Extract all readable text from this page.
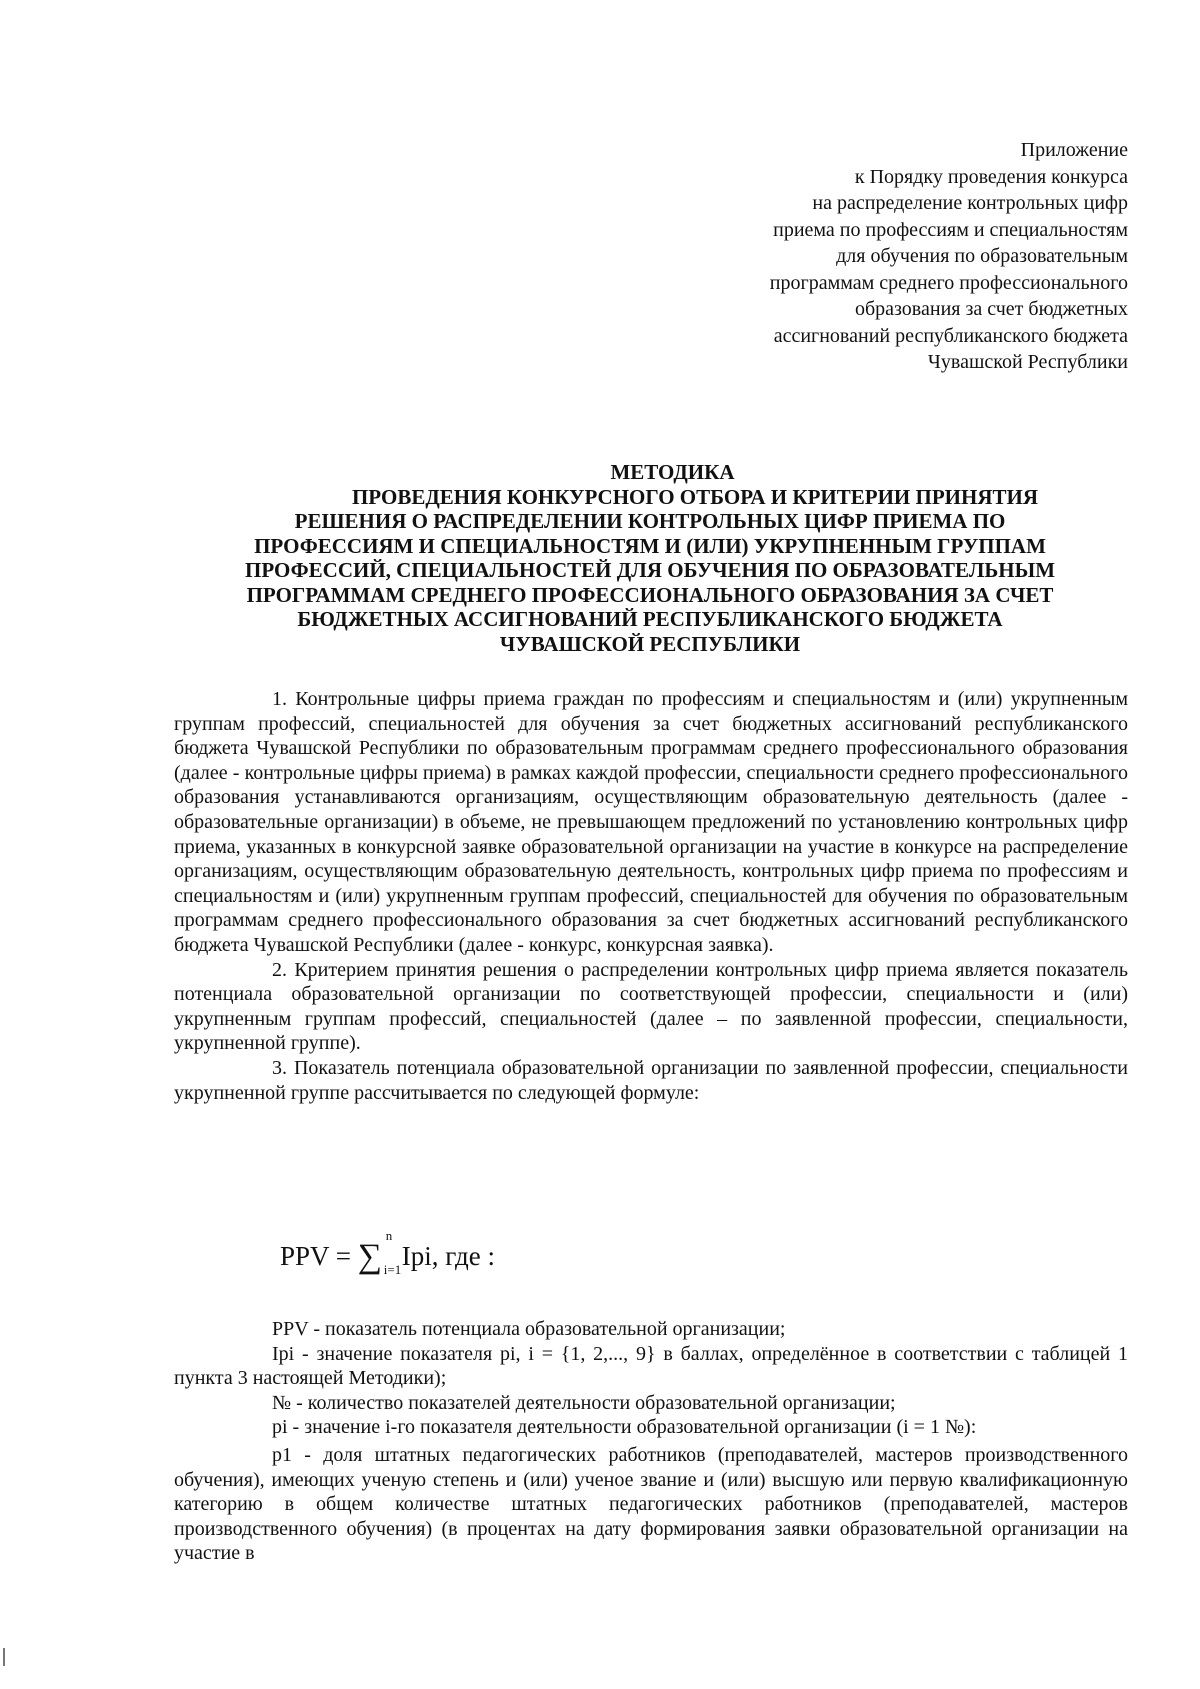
Приложение
к Порядку проведения конкурса
на распределение контрольных цифр
приема по профессиям и специальностям
для обучения по образовательным
программам среднего профессионального
образования за счет бюджетных
ассигнований республиканского бюджета
Чувашской Республики
МЕТОДИКА
ПРОВЕДЕНИЯ КОНКУРСНОГО ОТБОРА И КРИТЕРИИ ПРИНЯТИЯ
РЕШЕНИЯ О РАСПРЕДЕЛЕНИИ КОНТРОЛЬНЫХ ЦИФР ПРИЕМА ПО
ПРОФЕССИЯМ И СПЕЦИАЛЬНОСТЯМ И (ИЛИ) УКРУПНЕННЫМ ГРУППАМ
ПРОФЕССИЙ, СПЕЦИАЛЬНОСТЕЙ ДЛЯ ОБУЧЕНИЯ ПО ОБРАЗОВАТЕЛЬНЫМ
ПРОГРАММАМ СРЕДНЕГО ПРОФЕССИОНАЛЬНОГО ОБРАЗОВАНИЯ ЗА СЧЕТ
БЮДЖЕТНЫХ АССИГНОВАНИЙ РЕСПУБЛИКАНСКОГО БЮДЖЕТА
ЧУВАШСКОЙ РЕСПУБЛИКИ

1. Контрольные цифры приема граждан по профессиям и специальностям и (или) укрупненным группам профессий, специальностей для обучения за счет бюджетных ассигнований республиканского бюджета Чувашской Республики по образовательным программам среднего профессионального образования (далее - контрольные цифры приема) в рамках каждой профессии, специальности среднего профессионального образования устанавливаются организациям, осуществляющим образовательную деятельность (далее - образовательные организации) в объеме, не превышающем предложений по установлению контрольных цифр приема, указанных в конкурсной заявке образовательной организации на участие в конкурсе на распределение организациям, осуществляющим образовательную деятельность, контрольных цифр приема по профессиям и специальностям и (или) укрупненным группам профессий, специальностей для обучения по образовательным программам среднего профессионального образования за счет бюджетных ассигнований республиканского бюджета Чувашской Республики (далее - конкурс, конкурсная заявка).

2. Критерием принятия решения о распределении контрольных цифр приема является показатель потенциала образовательной организации по соответствующей профессии, специальности и (или) укрупненным группам профессий, специальностей (далее – по заявленной профессии, специальности, укрупненной группе).

3. Показатель потенциала образовательной организации по заявленной профессии, специальности укрупненной группе рассчитывается по следующей формуле:

PPV = ∑
n
i=1 Ipi, где :

PPV - показатель потенциала образовательной организации;

Ipi - значение показателя pi, i = {1, 2,..., 9} в баллах, определённое в соответствии с таблицей 1 пункта 3 настоящей Методики);

№ - количество показателей деятельности образовательной организации;

pi - значение i-го показателя деятельности образовательной организации (i = 1 №):

p1 - доля штатных педагогических работников (преподавателей, мастеров производственного обучения), имеющих ученую степень и (или) ученое звание и (или) высшую или первую квалификационную категорию в общем количестве штатных педагогических работников (преподавателей, мастеров производственного обучения) (в процентах на дату формирования заявки образовательной организации на участие в
